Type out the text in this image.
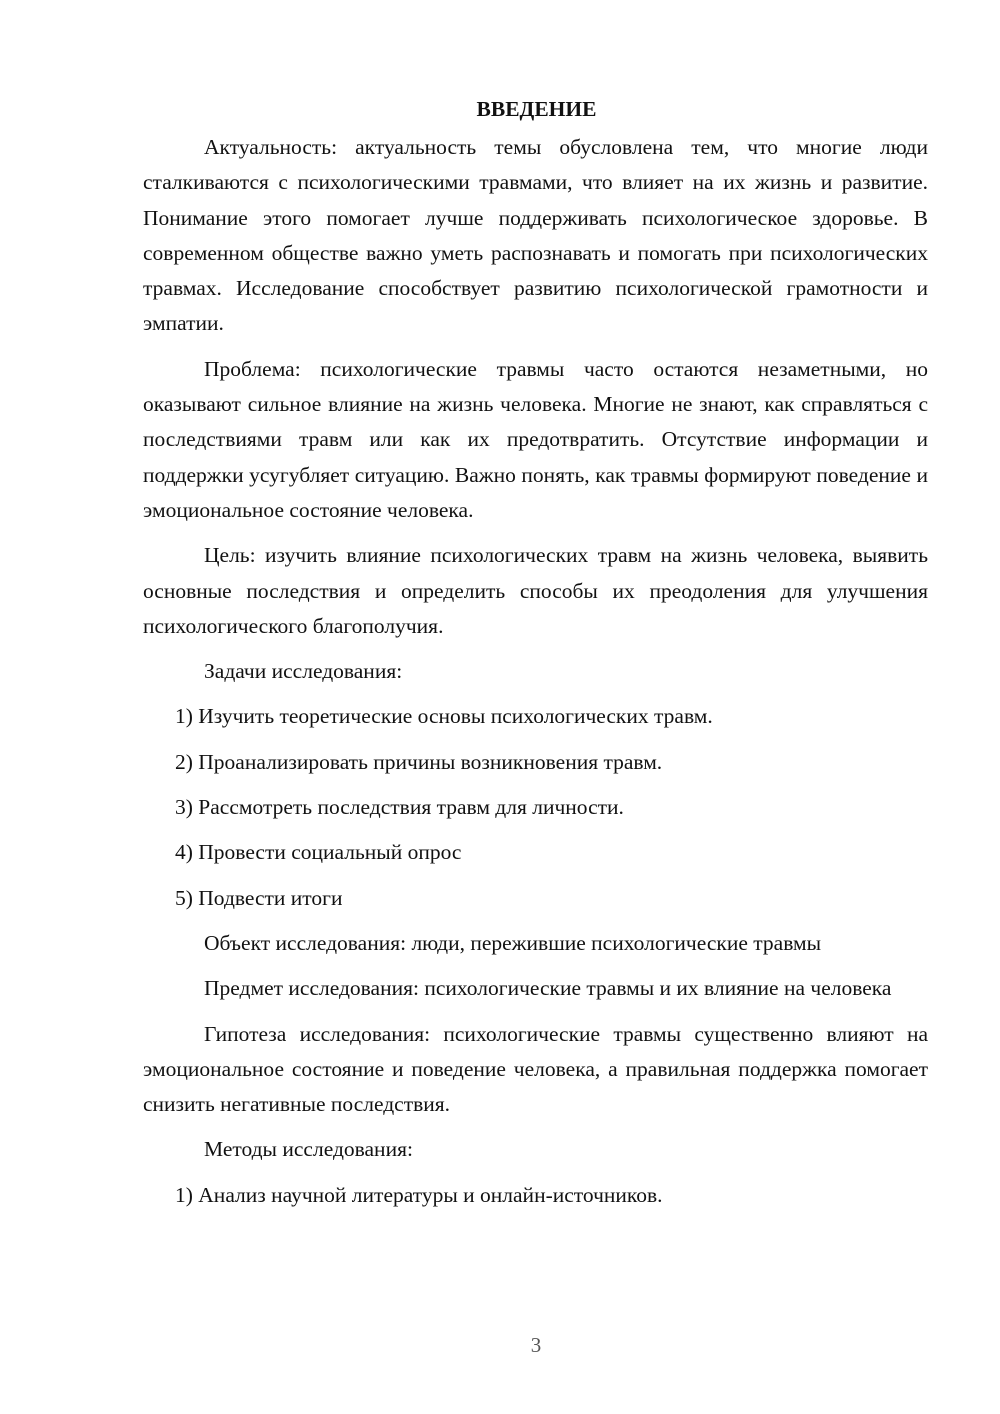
ВВЕДЕНИЕ

Актуальность: актуальность темы обусловлена тем, что многие люди сталкиваются с психологическими травмами, что влияет на их жизнь и развитие. Понимание этого помогает лучше поддерживать психологическое здоровье. В современном обществе важно уметь распознавать и помогать при психологических травмах. Исследование способствует развитию психологической грамотности и эмпатии.

Проблема: психологические травмы часто остаются незаметными, но оказывают сильное влияние на жизнь человека. Многие не знают, как справляться с последствиями травм или как их предотвратить. Отсутствие информации и поддержки усугубляет ситуацию. Важно понять, как травмы формируют поведение и эмоциональное состояние человека.

Цель: изучить влияние психологических травм на жизнь человека, выявить основные последствия и определить способы их преодоления для улучшения психологического благополучия.

Задачи исследования:

1) Изучить теоретические основы психологических травм.

2) Проанализировать причины возникновения травм.

3) Рассмотреть последствия травм для личности.

4) Провести социальный опрос

5) Подвести итоги

Объект исследования: люди, пережившие психологические травмы

Предмет исследования: психологические травмы и их влияние на человека

Гипотеза исследования: психологические травмы существенно влияют на эмоциональное состояние и поведение человека, а правильная поддержка помогает снизить негативные последствия.

Методы исследования:

1) Анализ научной литературы и онлайн-источников.

3
